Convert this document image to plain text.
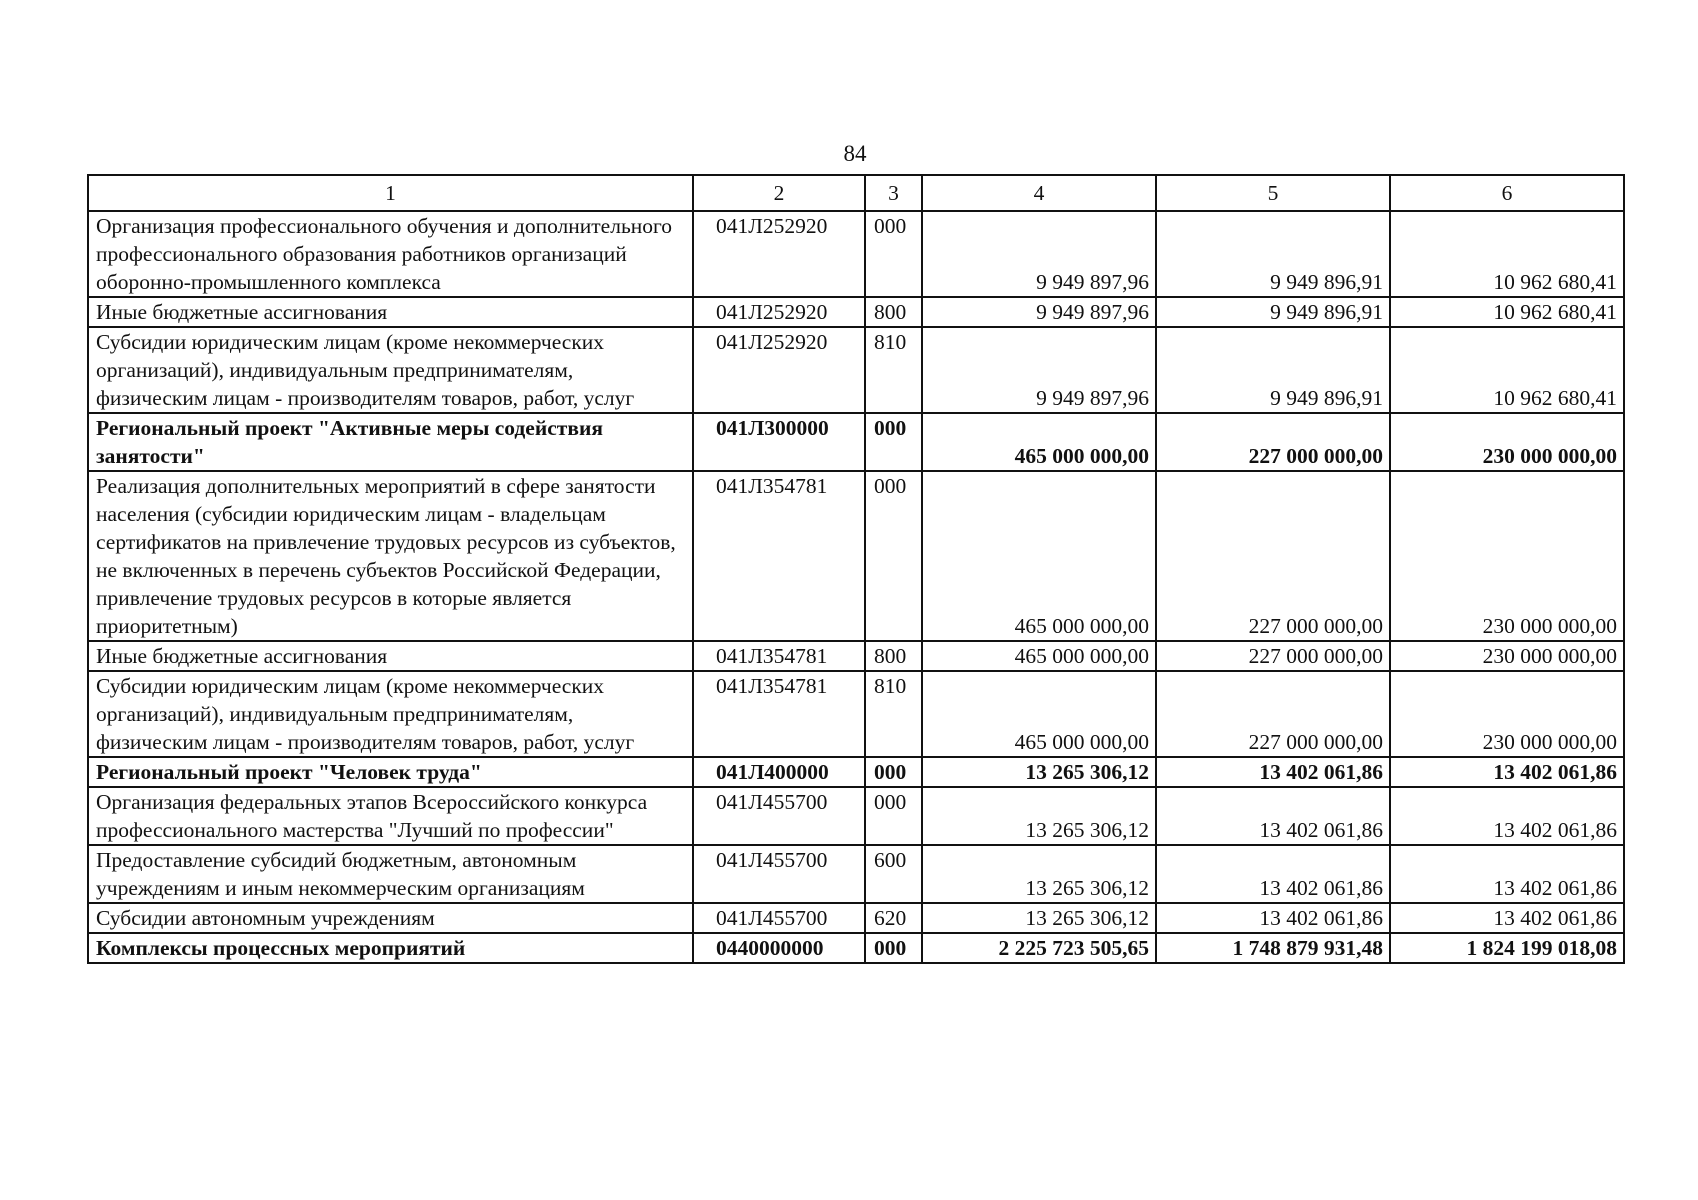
84
1	2	3	4	5	6
Организация профессионального обучения и дополнительного профессионального образования работников организаций оборонно-промышленного комплекса	041Л252920	000	9 949 897,96	9 949 896,91	10 962 680,41
Иные бюджетные ассигнования	041Л252920	800	9 949 897,96	9 949 896,91	10 962 680,41
Субсидии юридическим лицам (кроме некоммерческих организаций), индивидуальным предпринимателям, физическим лицам - производителям товаров, работ, услуг	041Л252920	810	9 949 897,96	9 949 896,91	10 962 680,41
Региональный проект "Активные меры содействия занятости"	041Л300000	000	465 000 000,00	227 000 000,00	230 000 000,00
Реализация дополнительных мероприятий в сфере занятости населения (субсидии юридическим лицам - владельцам сертификатов на привлечение трудовых ресурсов из субъектов, не включенных в перечень субъектов Российской Федерации, привлечение трудовых ресурсов в которые является приоритетным)	041Л354781	000	465 000 000,00	227 000 000,00	230 000 000,00
Иные бюджетные ассигнования	041Л354781	800	465 000 000,00	227 000 000,00	230 000 000,00
Субсидии юридическим лицам (кроме некоммерческих организаций), индивидуальным предпринимателям, физическим лицам - производителям товаров, работ, услуг	041Л354781	810	465 000 000,00	227 000 000,00	230 000 000,00
Региональный проект "Человек труда"	041Л400000	000	13 265 306,12	13 402 061,86	13 402 061,86
Организация федеральных этапов Всероссийского конкурса профессионального мастерства "Лучший по профессии"	041Л455700	000	13 265 306,12	13 402 061,86	13 402 061,86
Предоставление субсидий бюджетным, автономным учреждениям и иным некоммерческим организациям	041Л455700	600	13 265 306,12	13 402 061,86	13 402 061,86
Субсидии автономным учреждениям	041Л455700	620	13 265 306,12	13 402 061,86	13 402 061,86
Комплексы процессных мероприятий	0440000000	000	2 225 723 505,65	1 748 879 931,48	1 824 199 018,08
